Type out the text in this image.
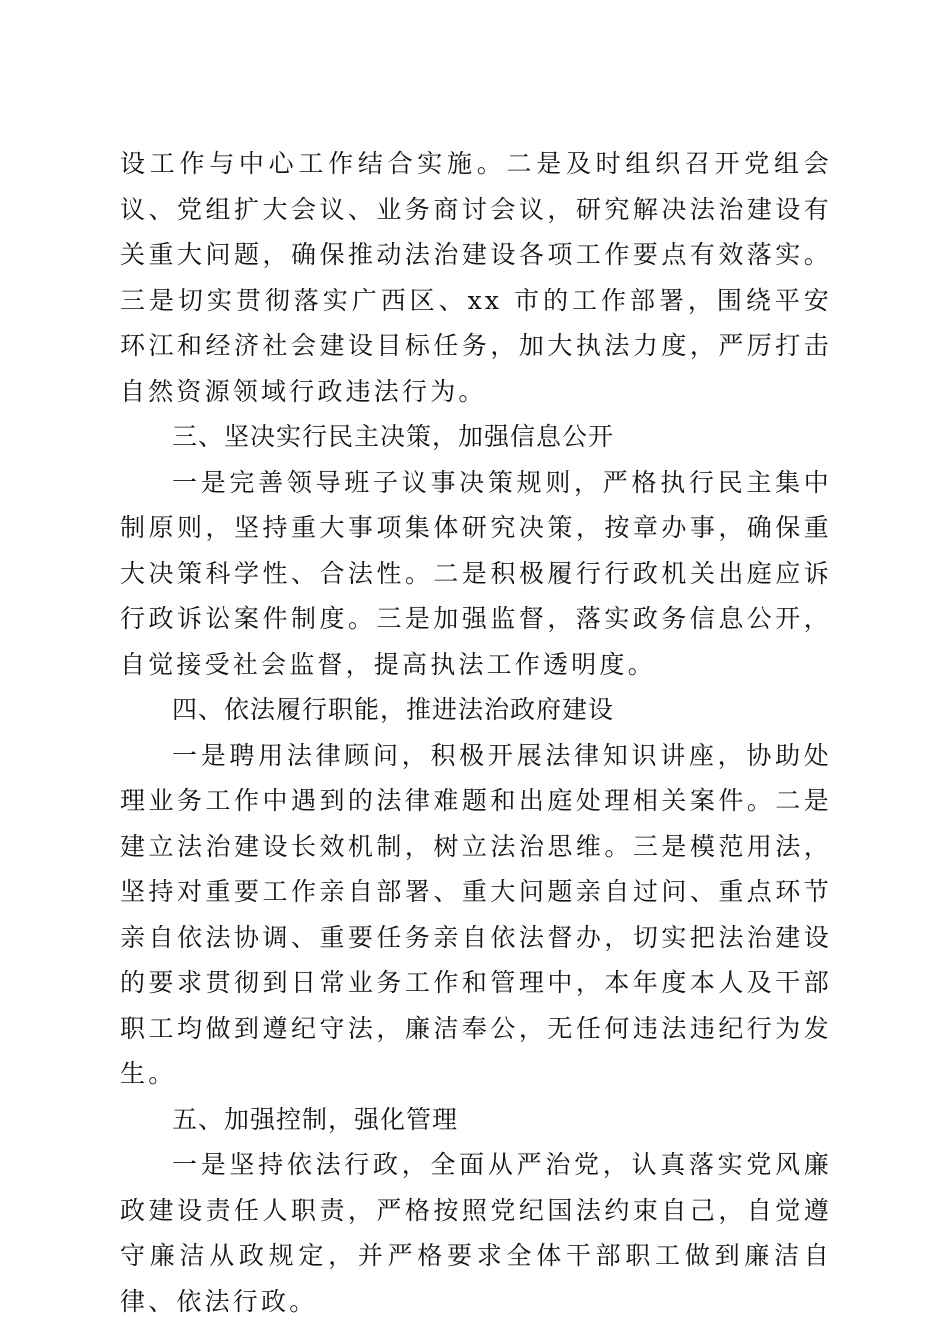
设工作与中心工作结合实施。二是及时组织召开党组会议、党组扩大会议、业务商讨会议，研究解决法治建设有关重大问题，确保推动法治建设各项工作要点有效落实。三是切实贯彻落实广西区、xx 市的工作部署，围绕平安环江和经济社会建设目标任务，加大执法力度，严厉打击自然资源领域行政违法行为。

三、坚决实行民主决策，加强信息公开

一是完善领导班子议事决策规则，严格执行民主集中制原则，坚持重大事项集体研究决策，按章办事，确保重大决策科学性、合法性。二是积极履行行政机关出庭应诉行政诉讼案件制度。三是加强监督，落实政务信息公开，自觉接受社会监督，提高执法工作透明度。

四、依法履行职能，推进法治政府建设

一是聘用法律顾问，积极开展法律知识讲座，协助处理业务工作中遇到的法律难题和出庭处理相关案件。二是建立法治建设长效机制，树立法治思维。三是模范用法，坚持对重要工作亲自部署、重大问题亲自过问、重点环节亲自依法协调、重要任务亲自依法督办，切实把法治建设的要求贯彻到日常业务工作和管理中，本年度本人及干部职工均做到遵纪守法，廉洁奉公，无任何违法违纪行为发生。

五、加强控制，强化管理

一是坚持依法行政，全面从严治党，认真落实党风廉政建设责任人职责，严格按照党纪国法约束自己，自觉遵守廉洁从政规定，并严格要求全体干部职工做到廉洁自律、依法行政。
